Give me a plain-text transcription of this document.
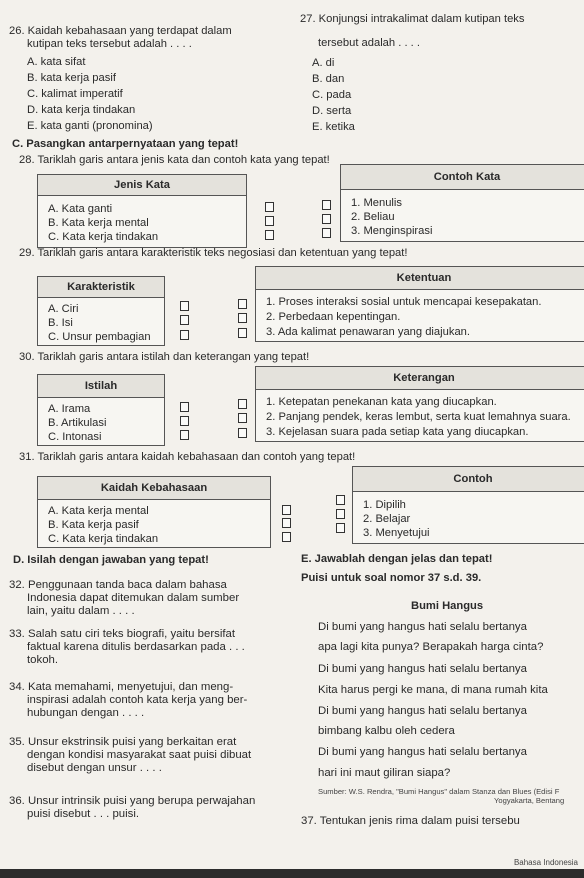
26. Kaidah kebahasaan yang terdapat dalam
kutipan teks tersebut adalah . . . .
A. kata sifat
B. kata kerja pasif
C. kalimat imperatif
D. kata kerja tindakan
E. kata ganti (pronomina)
27. Konjungsi intrakalimat dalam kutipan teks
tersebut adalah . . . .
A. di
B. dan
C. pada
D. serta
E. ketika
C. Pasangkan antarpernyataan yang tepat!
28. Tariklah garis antara jenis kata dan contoh kata yang tepat!
Jenis Kata
A. Kata ganti
B. Kata kerja mental
C. Kata kerja tindakan
Contoh Kata
1. Menulis
2. Beliau
3. Menginspirasi
29. Tariklah garis antara karakteristik teks negosiasi dan ketentuan yang tepat!
Karakteristik
A. Ciri
B. Isi
C. Unsur pembagian
Ketentuan
1. Proses interaksi sosial untuk mencapai kesepakatan.
2. Perbedaan kepentingan.
3. Ada kalimat penawaran yang diajukan.
30. Tariklah garis antara istilah dan keterangan yang tepat!
Istilah
A. Irama
B. Artikulasi
C. Intonasi
Keterangan
1. Ketepatan penekanan kata yang diucapkan.
2. Panjang pendek, keras lembut, serta kuat lemahnya suara.
3. Kejelasan suara pada setiap kata yang diucapkan.
31. Tariklah garis antara kaidah kebahasaan dan contoh yang tepat!
Kaidah Kebahasaan
A. Kata kerja mental
B. Kata kerja pasif
C. Kata kerja tindakan
Contoh
1. Dipilih
2. Belajar
3. Menyetujui
D. Isilah dengan jawaban yang tepat!	E. Jawablah dengan jelas dan tepat!
32. Penggunaan tanda baca dalam bahasa
Indonesia dapat ditemukan dalam sumber
lain, yaitu dalam . . . .
33. Salah satu ciri teks biografi, yaitu bersifat
faktual karena ditulis berdasarkan pada . . .
tokoh.
34. Kata memahami, menyetujui, dan meng-
inspirasi adalah contoh kata kerja yang ber-
hubungan dengan . . . .
35. Unsur ekstrinsik puisi yang berkaitan erat
dengan kondisi masyarakat saat puisi dibuat
disebut dengan unsur . . . .
36. Unsur intrinsik puisi yang berupa perwajahan
puisi disebut . . . puisi.
Puisi untuk soal nomor 37 s.d. 39.
Bumi Hangus
Di bumi yang hangus hati selalu bertanya
apa lagi kita punya? Berapakah harga cinta?
Di bumi yang hangus hati selalu bertanya
Kita harus pergi ke mana, di mana rumah kita
Di bumi yang hangus hati selalu bertanya
bimbang kalbu oleh cedera
Di bumi yang hangus hati selalu bertanya
hari ini maut giliran siapa?
Sumber: W.S. Rendra, "Bumi Hangus" dalam Stanza dan Blues (Edisi F
Yogyakarta, Bentang
37. Tentukan jenis rima dalam puisi tersebu
Bahasa Indonesia
